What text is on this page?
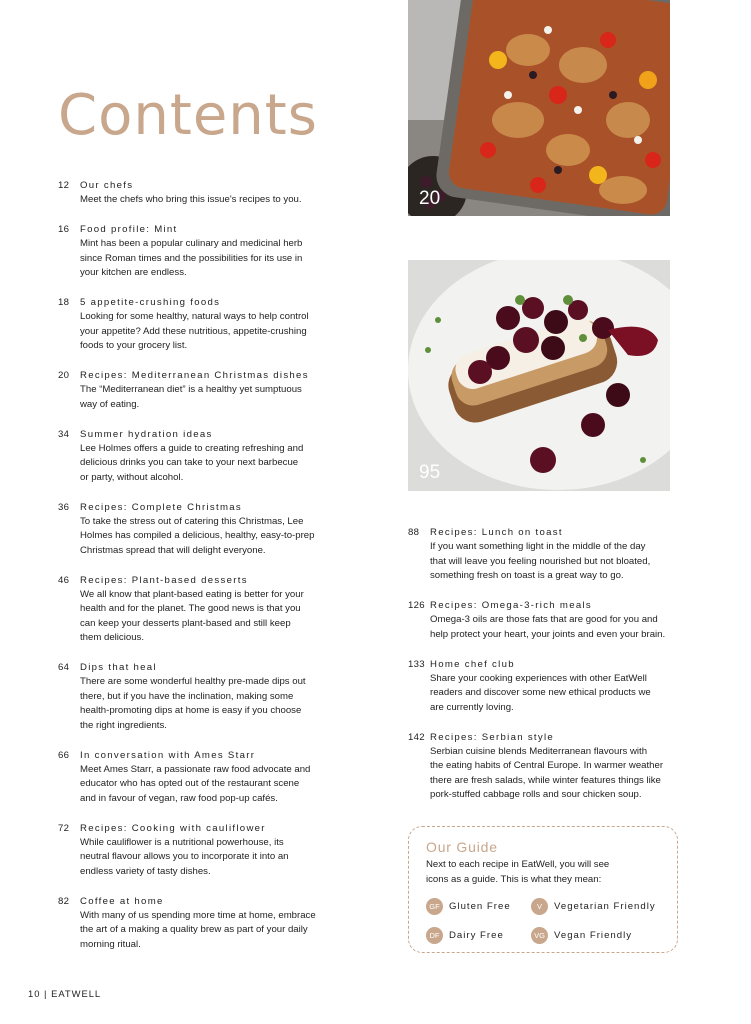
Contents
12	Our chefs
Meet the chefs who bring this issue's recipes to you.
16	Food profile: Mint
Mint has been a popular culinary and medicinal herb
since Roman times and the possibilities for its use in
your kitchen are endless.
18	5 appetite-crushing foods
Looking for some healthy, natural ways to help control
your appetite? Add these nutritious, appetite-crushing
foods to your grocery list.
20	Recipes: Mediterranean Christmas dishes
The “Mediterranean diet” is a healthy yet sumptuous
way of eating.
34	Summer hydration ideas
Lee Holmes offers a guide to creating refreshing and
delicious drinks you can take to your next barbecue
or party, without alcohol.
36	Recipes: Complete Christmas
To take the stress out of catering this Christmas, Lee
Holmes has compiled a delicious, healthy, easy-to-prep
Christmas spread that will delight everyone.
46	Recipes: Plant-based desserts
We all know that plant-based eating is better for your
health and for the planet. The good news is that you
can keep your desserts plant-based and still keep
them delicious.
64	Dips that heal
There are some wonderful healthy pre-made dips out
there, but if you have the inclination, making some
health-promoting dips at home is easy if you choose
the right ingredients.
66	In conversation with Ames Starr
Meet Ames Starr, a passionate raw food advocate and
educator who has opted out of the restaurant scene
and in favour of vegan, raw food pop-up cafés.
72	Recipes: Cooking with cauliflower
While cauliflower is a nutritional powerhouse, its
neutral flavour allows you to incorporate it into an
endless variety of tasty dishes.
82	Coffee at home
With many of us spending more time at home, embrace
the art of a making a quality brew as part of your daily
morning ritual.
88	Recipes: Lunch on toast
If you want something light in the middle of the day
that will leave you feeling nourished but not bloated,
something fresh on toast is a great way to go.
126 Recipes: Omega-3-rich meals
Omega-3 oils are those fats that are good for you and
help protect your heart, your joints and even your brain.
133 Home chef club
Share your cooking experiences with other EatWell
readers and discover some new ethical products we
are currently loving.
142 Recipes: Serbian style
Serbian cuisine blends Mediterranean flavours with
the eating habits of Central Europe. In warmer weather
there are fresh salads, while winter features things like
pork-stuffed cabbage rolls and sour chicken soup.
20
95
Our Guide
Next to each recipe in EatWell, you will see
icons as a guide. This is what they mean:
GF Gluten Free	V	Vegetarian Friendly
DF Dairy Free	VG Vegan Friendly
10 | EATWELL
